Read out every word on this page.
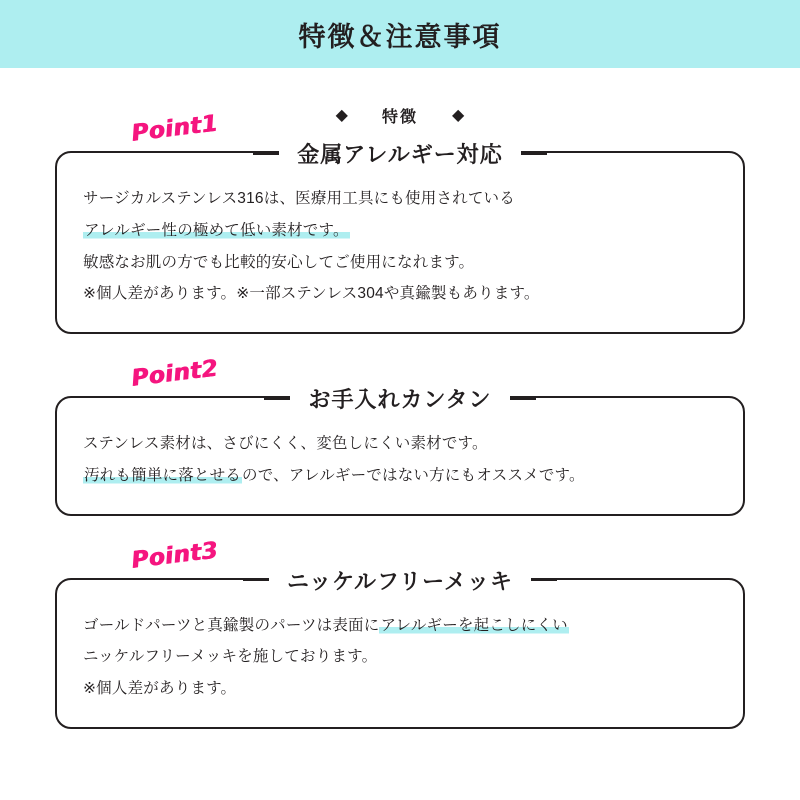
特徴＆注意事項
◆ 特徴 ◆
Point1
金属アレルギー対応

サージカルステンレス316は、医療用工具にも使用されている

アレルギー性の極めて低い素材です。

敏感なお肌の方でも比較的安心してご使用になれます。

※個人差があります。※一部ステンレス304や真鍮製もあります。

Point2
お手入れカンタン

ステンレス素材は、さびにくく、変色しにくい素材です。

汚れも簡単に落とせるので、アレルギーではない方にもオススメです。

Point3
ニッケルフリーメッキ

ゴールドパーツと真鍮製のパーツは表面にアレルギーを起こしにくい

ニッケルフリーメッキを施しております。

※個人差があります。
